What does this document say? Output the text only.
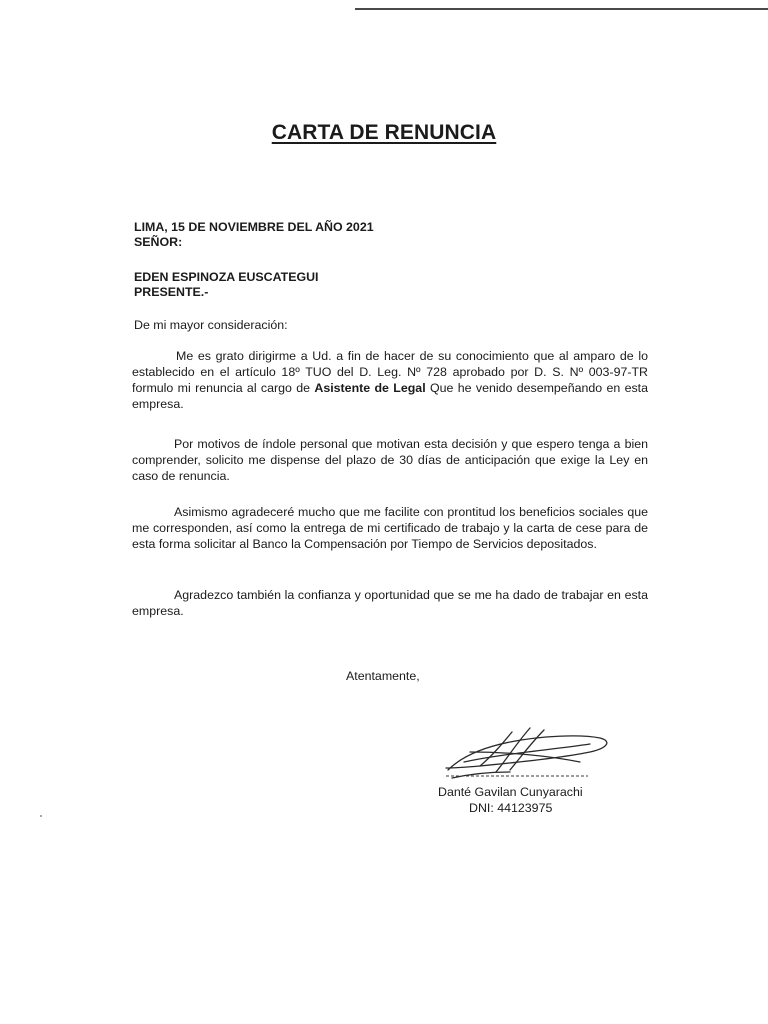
CARTA DE RENUNCIA
LIMA, 15 DE NOVIEMBRE DEL AÑO 2021
SEÑOR:
EDEN ESPINOZA EUSCATEGUI
PRESENTE.-
De mi mayor consideración:
Me es grato dirigirme a Ud. a fin de hacer de su conocimiento que al amparo de lo establecido en el artículo 18º TUO del D. Leg. Nº 728 aprobado por D. S. Nº 003-97-TR formulo mi renuncia al cargo de Asistente de Legal Que he venido desempeñando en esta empresa.
Por motivos de índole personal que motivan esta decisión y que espero tenga a bien comprender, solicito me dispense del plazo de 30 días de anticipación que exige la Ley en caso de renuncia.
Asimismo agradeceré mucho que me facilite con prontitud los beneficios sociales que me corresponden, así como la entrega de mi certificado de trabajo y la carta de cese para de esta forma solicitar al Banco la Compensación por Tiempo de Servicios depositados.
Agradezco también la confianza y oportunidad que se me ha dado de trabajar en esta empresa.
Atentamente,
Danté Gavilan Cunyarachi
DNI: 44123975
